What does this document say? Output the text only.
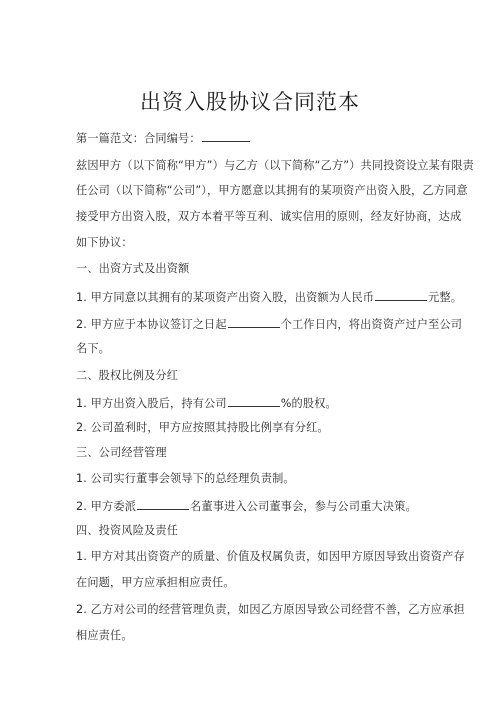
出资入股协议合同范本
第一篇范文：合同编号：
兹因甲方（以下简称“甲方”）与乙方（以下简称“乙方”）共同投资设立某有限责
任公司（以下简称“公司”），甲方愿意以其拥有的某项资产出资入股，乙方同意
接受甲方出资入股，双方本着平等互利、诚实信用的原则，经友好协商，达成
如下协议：
一、出资方式及出资额
1. 甲方同意以其拥有的某项资产出资入股，出资额为人民币	元整。
2. 甲方应于本协议签订之日起	个工作日内，将出资资产过户至公司
名下。
二、股权比例及分红
1. 甲方出资入股后，持有公司	%的股权。
2. 公司盈利时，甲方应按照其持股比例享有分红。
三、公司经营管理
1. 公司实行董事会领导下的总经理负责制。
2. 甲方委派	名董事进入公司董事会，参与公司重大决策。
四、投资风险及责任
1. 甲方对其出资资产的质量、价值及权属负责，如因甲方原因导致出资资产存
在问题，甲方应承担相应责任。
2. 乙方对公司的经营管理负责，如因乙方原因导致公司经营不善，乙方应承担
相应责任。
